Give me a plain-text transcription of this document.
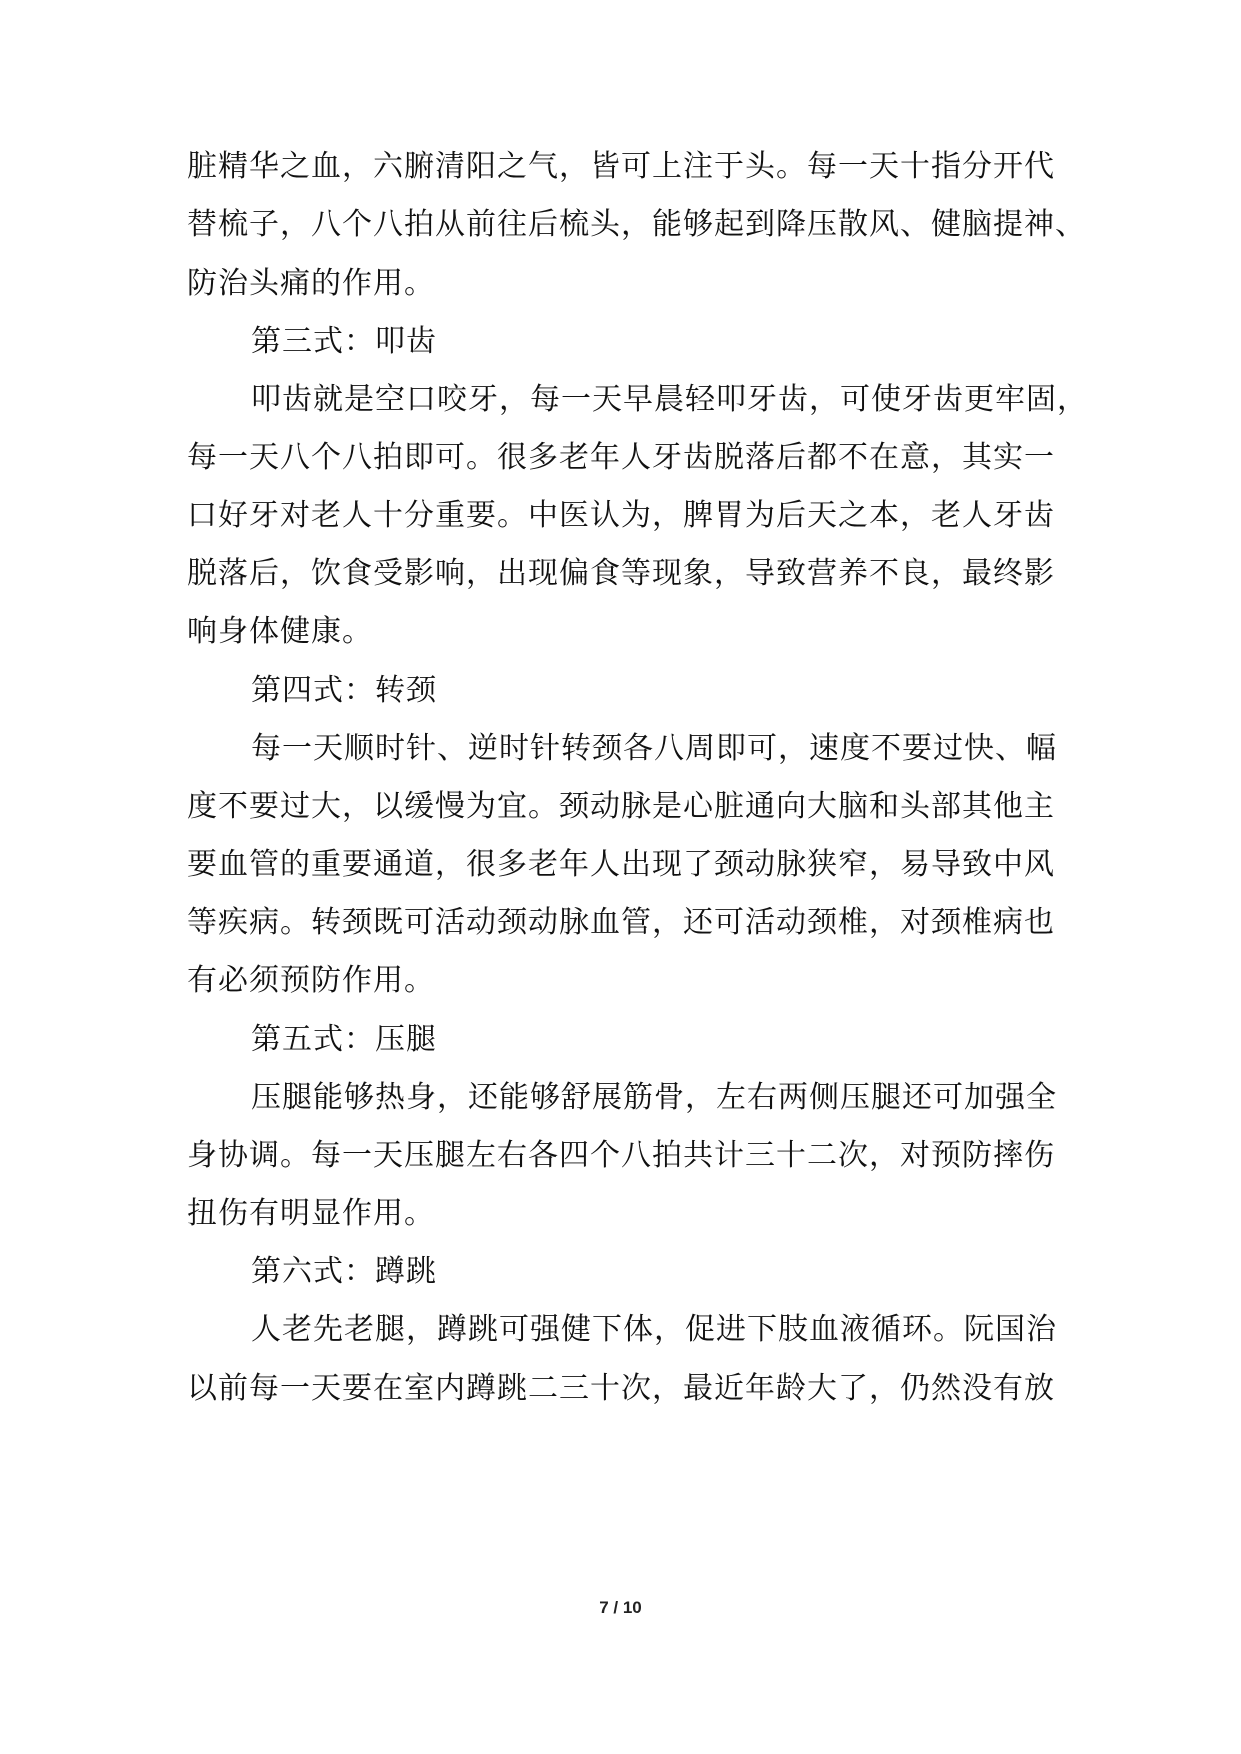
脏精华之血，六腑清阳之气，皆可上注于头。每一天十指分开代
替梳子，八个八拍从前往后梳头，能够起到降压散风、健脑提神、
防治头痛的作用。
第三式：叩齿
叩齿就是空口咬牙，每一天早晨轻叩牙齿，可使牙齿更牢固，
每一天八个八拍即可。很多老年人牙齿脱落后都不在意，其实一
口好牙对老人十分重要。中医认为，脾胃为后天之本，老人牙齿
脱落后，饮食受影响，出现偏食等现象，导致营养不良，最终影
响身体健康。
第四式：转颈
每一天顺时针、逆时针转颈各八周即可，速度不要过快、幅
度不要过大，以缓慢为宜。颈动脉是心脏通向大脑和头部其他主
要血管的重要通道，很多老年人出现了颈动脉狭窄，易导致中风
等疾病。转颈既可活动颈动脉血管，还可活动颈椎，对颈椎病也
有必须预防作用。
第五式：压腿
压腿能够热身，还能够舒展筋骨，左右两侧压腿还可加强全
身协调。每一天压腿左右各四个八拍共计三十二次，对预防摔伤
扭伤有明显作用。
第六式：蹲跳
人老先老腿，蹲跳可强健下体，促进下肢血液循环。阮国治
以前每一天要在室内蹲跳二三十次，最近年龄大了，仍然没有放
7 / 10
